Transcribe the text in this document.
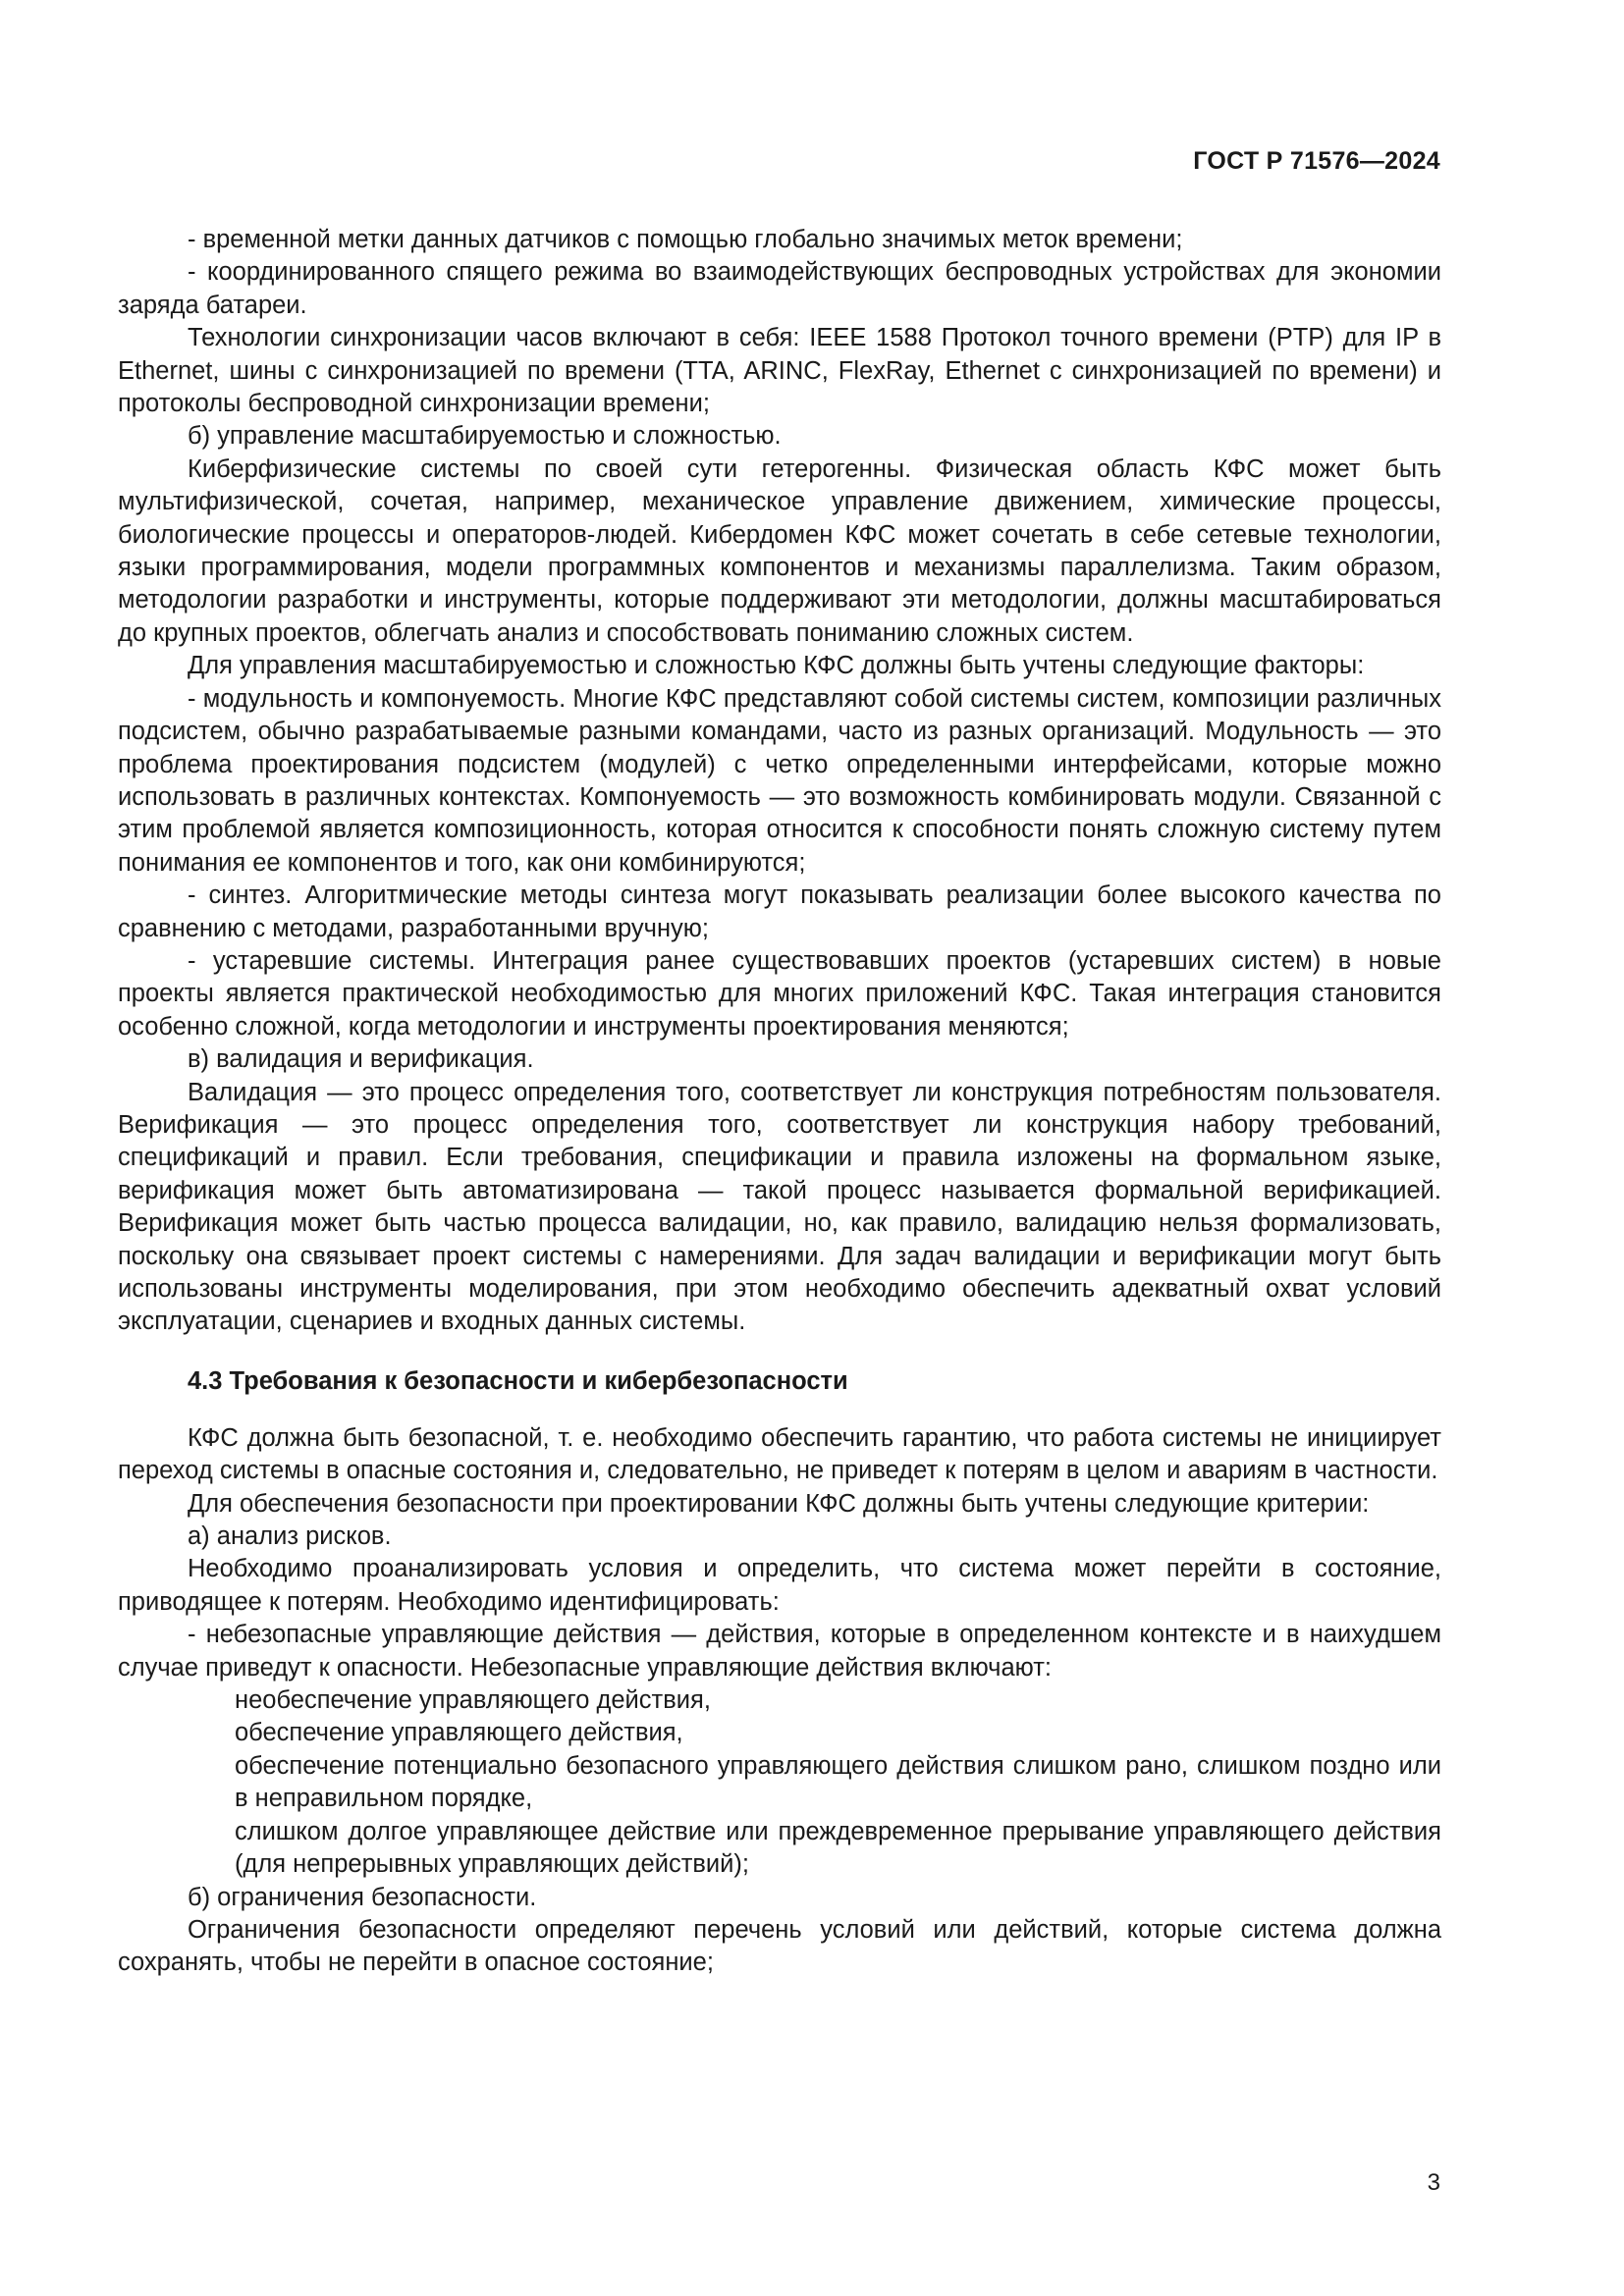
ГОСТ Р 71576—2024

- временной метки данных датчиков с помощью глобально значимых меток времени;

- координированного спящего режима во взаимодействующих беспроводных устройствах для экономии заряда батареи.

Технологии синхронизации часов включают в себя: IEEE 1588 Протокол точного времени (PTP) для IP в Ethernet, шины с синхронизацией по времени (TTA, ARINC, FlexRay, Ethernet с синхронизацией по времени) и протоколы беспроводной синхронизации времени;

б) управление масштабируемостью и сложностью.

Киберфизические системы по своей сути гетерогенны. Физическая область КФС может быть мультифизической, сочетая, например, механическое управление движением, химические процессы, биологические процессы и операторов-людей. Кибердомен КФС может сочетать в себе сетевые технологии, языки программирования, модели программных компонентов и механизмы параллелизма. Таким образом, методологии разработки и инструменты, которые поддерживают эти методологии, должны масштабироваться до крупных проектов, облегчать анализ и способствовать пониманию сложных систем.

Для управления масштабируемостью и сложностью КФС должны быть учтены следующие факторы:

- модульность и компонуемость. Многие КФС представляют собой системы систем, композиции различных подсистем, обычно разрабатываемые разными командами, часто из разных организаций. Модульность — это проблема проектирования подсистем (модулей) с четко определенными интерфейсами, которые можно использовать в различных контекстах. Компонуемость — это возможность комбинировать модули. Связанной с этим проблемой является композиционность, которая относится к способности понять сложную систему путем понимания ее компонентов и того, как они комбинируются;

- синтез. Алгоритмические методы синтеза могут показывать реализации более высокого качества по сравнению с методами, разработанными вручную;

- устаревшие системы. Интеграция ранее существовавших проектов (устаревших систем) в новые проекты является практической необходимостью для многих приложений КФС. Такая интеграция становится особенно сложной, когда методологии и инструменты проектирования меняются;

в) валидация и верификация.

Валидация — это процесс определения того, соответствует ли конструкция потребностям пользователя. Верификация — это процесс определения того, соответствует ли конструкция набору требований, спецификаций и правил. Если требования, спецификации и правила изложены на формальном языке, верификация может быть автоматизирована — такой процесс называется формальной верификацией. Верификация может быть частью процесса валидации, но, как правило, валидацию нельзя формализовать, поскольку она связывает проект системы с намерениями. Для задач валидации и верификации могут быть использованы инструменты моделирования, при этом необходимо обеспечить адекватный охват условий эксплуатации, сценариев и входных данных системы.

4.3 Требования к безопасности и кибербезопасности

КФС должна быть безопасной, т. е. необходимо обеспечить гарантию, что работа системы не инициирует переход системы в опасные состояния и, следовательно, не приведет к потерям в целом и авариям в частности.

Для обеспечения безопасности при проектировании КФС должны быть учтены следующие критерии:

а) анализ рисков.

Необходимо проанализировать условия и определить, что система может перейти в состояние, приводящее к потерям. Необходимо идентифицировать:

- небезопасные управляющие действия — действия, которые в определенном контексте и в наихудшем случае приведут к опасности. Небезопасные управляющие действия включают:

необеспечение управляющего действия,

обеспечение управляющего действия,

обеспечение потенциально безопасного управляющего действия слишком рано, слишком поздно или в неправильном порядке,

слишком долгое управляющее действие или преждевременное прерывание управляющего действия (для непрерывных управляющих действий);

б) ограничения безопасности.

Ограничения безопасности определяют перечень условий или действий, которые система должна сохранять, чтобы не перейти в опасное состояние;

3
